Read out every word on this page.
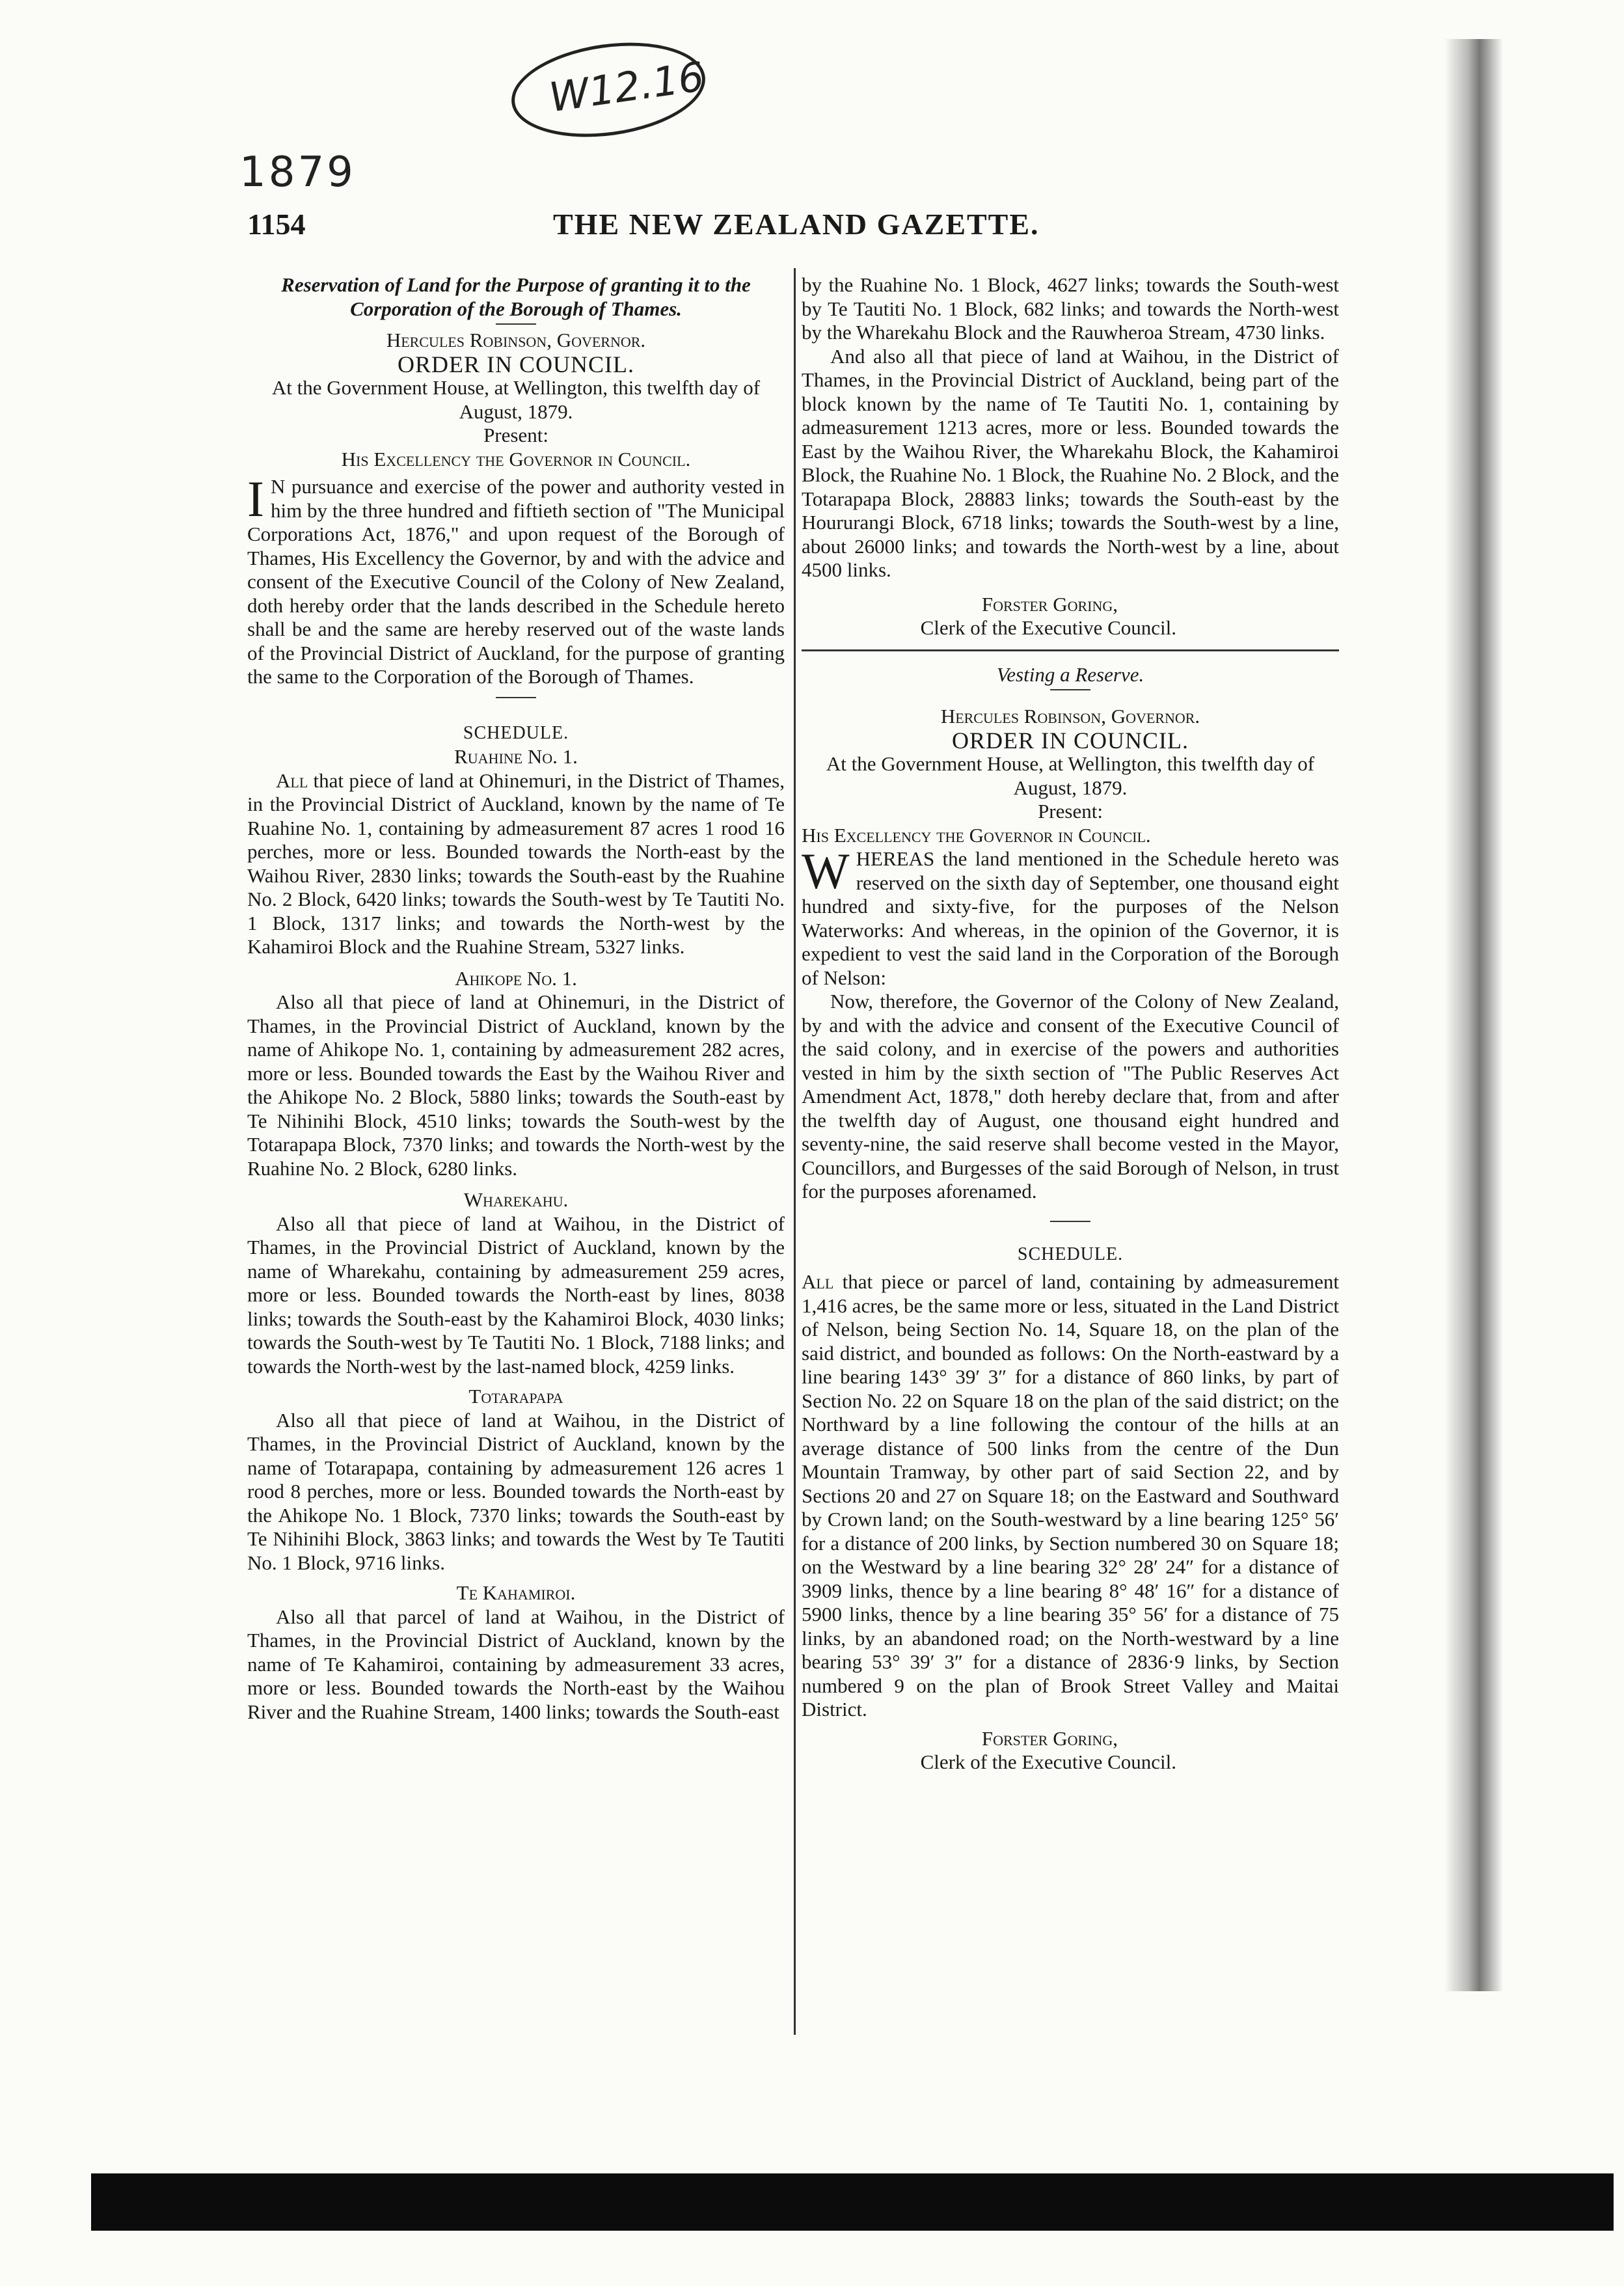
W12.16
1879
1154	THE NEW ZEALAND GAZETTE.

Reservation of Land for the Purpose of granting it to the Corporation of the Borough of Thames.

Hercules Robinson, Governor.

ORDER IN COUNCIL.

At the Government House, at Wellington, this twelfth day of August, 1879.

Present:

His Excellency the Governor in Council.

I N pursuance and exercise of the power and authority vested in him by the three hundred and fiftieth section of "The Municipal Corporations Act, 1876," and upon request of the Borough of Thames, His Excellency the Governor, by and with the advice and consent of the Executive Council of the Colony of New Zealand, doth hereby order that the lands described in the Schedule hereto shall be and the same are hereby reserved out of the waste lands of the Provincial District of Auckland, for the purpose of granting the same to the Corporation of the Borough of Thames.

SCHEDULE.

Ruahine No. 1.

All that piece of land at Ohinemuri, in the District of Thames, in the Provincial District of Auckland, known by the name of Te Ruahine No. 1, containing by admeasurement 87 acres 1 rood 16 perches, more or less. Bounded towards the North-east by the Waihou River, 2830 links; towards the South-east by the Ruahine No. 2 Block, 6420 links; towards the South-west by Te Tautiti No. 1 Block, 1317 links; and towards the North-west by the Kahamiroi Block and the Ruahine Stream, 5327 links.

Ahikope No. 1.

Also all that piece of land at Ohinemuri, in the District of Thames, in the Provincial District of Auckland, known by the name of Ahikope No. 1, containing by admeasurement 282 acres, more or less. Bounded towards the East by the Waihou River and the Ahikope No. 2 Block, 5880 links; towards the South-east by Te Nihinihi Block, 4510 links; towards the South-west by the Totarapapa Block, 7370 links; and towards the North-west by the Ruahine No. 2 Block, 6280 links.

Wharekahu.

Also all that piece of land at Waihou, in the District of Thames, in the Provincial District of Auckland, known by the name of Wharekahu, containing by admeasurement 259 acres, more or less. Bounded towards the North-east by lines, 8038 links; towards the South-east by the Kahamiroi Block, 4030 links; towards the South-west by Te Tautiti No. 1 Block, 7188 links; and towards the North-west by the last-named block, 4259 links.

Totarapapa

Also all that piece of land at Waihou, in the District of Thames, in the Provincial District of Auckland, known by the name of Totarapapa, containing by admeasurement 126 acres 1 rood 8 perches, more or less. Bounded towards the North-east by the Ahikope No. 1 Block, 7370 links; towards the South-east by Te Nihinihi Block, 3863 links; and towards the West by Te Tautiti No. 1 Block, 9716 links.

Te Kahamiroi.

Also all that parcel of land at Waihou, in the District of Thames, in the Provincial District of Auckland, known by the name of Te Kahamiroi, containing by admeasurement 33 acres, more or less. Bounded towards the North-east by the Waihou River and the Ruahine Stream, 1400 links; towards the South-east

by the Ruahine No. 1 Block, 4627 links; towards the South-west by Te Tautiti No. 1 Block, 682 links; and towards the North-west by the Wharekahu Block and the Rauwheroa Stream, 4730 links.

And also all that piece of land at Waihou, in the District of Thames, in the Provincial District of Auckland, being part of the block known by the name of Te Tautiti No. 1, containing by admeasurement 1213 acres, more or less. Bounded towards the East by the Waihou River, the Wharekahu Block, the Kahamiroi Block, the Ruahine No. 1 Block, the Ruahine No. 2 Block, and the Totarapapa Block, 28883 links; towards the South-east by the Hoururangi Block, 6718 links; towards the South-west by a line, about 26000 links; and towards the North-west by a line, about 4500 links.

Forster Goring,

Clerk of the Executive Council.

Vesting a Reserve.

Hercules Robinson, Governor.

ORDER IN COUNCIL.

At the Government House, at Wellington, this twelfth day of August, 1879.

Present:

His Excellency the Governor in Council.

WHEREAS the land mentioned in the Schedule hereto was reserved on the sixth day of September, one thousand eight hundred and sixty-five, for the purposes of the Nelson Waterworks: And whereas, in the opinion of the Governor, it is expedient to vest the said land in the Corporation of the Borough of Nelson:

Now, therefore, the Governor of the Colony of New Zealand, by and with the advice and consent of the Executive Council of the said colony, and in exercise of the powers and authorities vested in him by the sixth section of "The Public Reserves Act Amendment Act, 1878," doth hereby declare that, from and after the twelfth day of August, one thousand eight hundred and seventy-nine, the said reserve shall become vested in the Mayor, Councillors, and Burgesses of the said Borough of Nelson, in trust for the purposes aforenamed.

SCHEDULE.

All that piece or parcel of land, containing by admeasurement 1,416 acres, be the same more or less, situated in the Land District of Nelson, being Section No. 14, Square 18, on the plan of the said district, and bounded as follows: On the North-eastward by a line bearing 143° 39′ 3″ for a distance of 860 links, by part of Section No. 22 on Square 18 on the plan of the said district; on the Northward by a line following the contour of the hills at an average distance of 500 links from the centre of the Dun Mountain Tramway, by other part of said Section 22, and by Sections 20 and 27 on Square 18; on the Eastward and Southward by Crown land; on the South-westward by a line bearing 125° 56′ for a distance of 200 links, by Section numbered 30 on Square 18; on the Westward by a line bearing 32° 28′ 24″ for a distance of 3909 links, thence by a line bearing 8° 48′ 16″ for a distance of 5900 links, thence by a line bearing 35° 56′ for a distance of 75 links, by an abandoned road; on the North-westward by a line bearing 53° 39′ 3″ for a distance of 2836·9 links, by Section numbered 9 on the plan of Brook Street Valley and Maitai District.

Forster Goring,

Clerk of the Executive Council.
